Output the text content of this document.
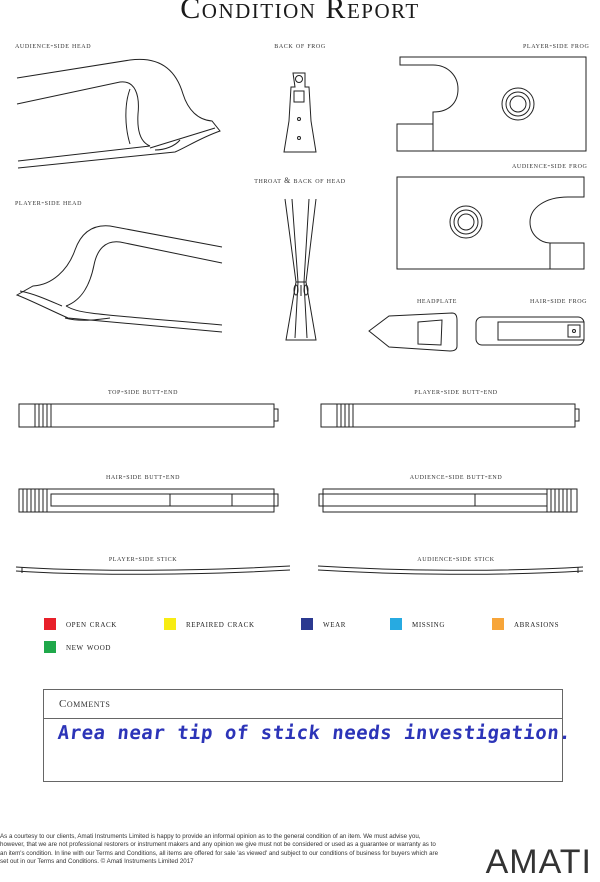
Condition Report
audience-side head	back of frog	player-side frog
audience-side frog
throat & back of head
player-side head
headplate	hair-side frog
top-side butt-end	player-side butt-end
hair-side butt-end	audience-side butt-end
player-side stick	audience-side stick
open crack	repaired crack	wear	missing	abrasions
new wood
Comments
Area near tip of stick needs investigation.
As a courtesy to our clients, Amati Instruments Limited is happy to provide an informal opinion as to the general condition of an item. We must advise you, however, that we are not professional restorers or instrument makers and any opinion we give must not be considered or used as a guarantee or warranty as to an item's condition. In line with our Terms and Conditions, all items are offered for sale 'as viewed' and subject to our conditions of business for buyers which are set out in our Terms and Conditions. © Amati Instruments Limited 2017	AMATI
